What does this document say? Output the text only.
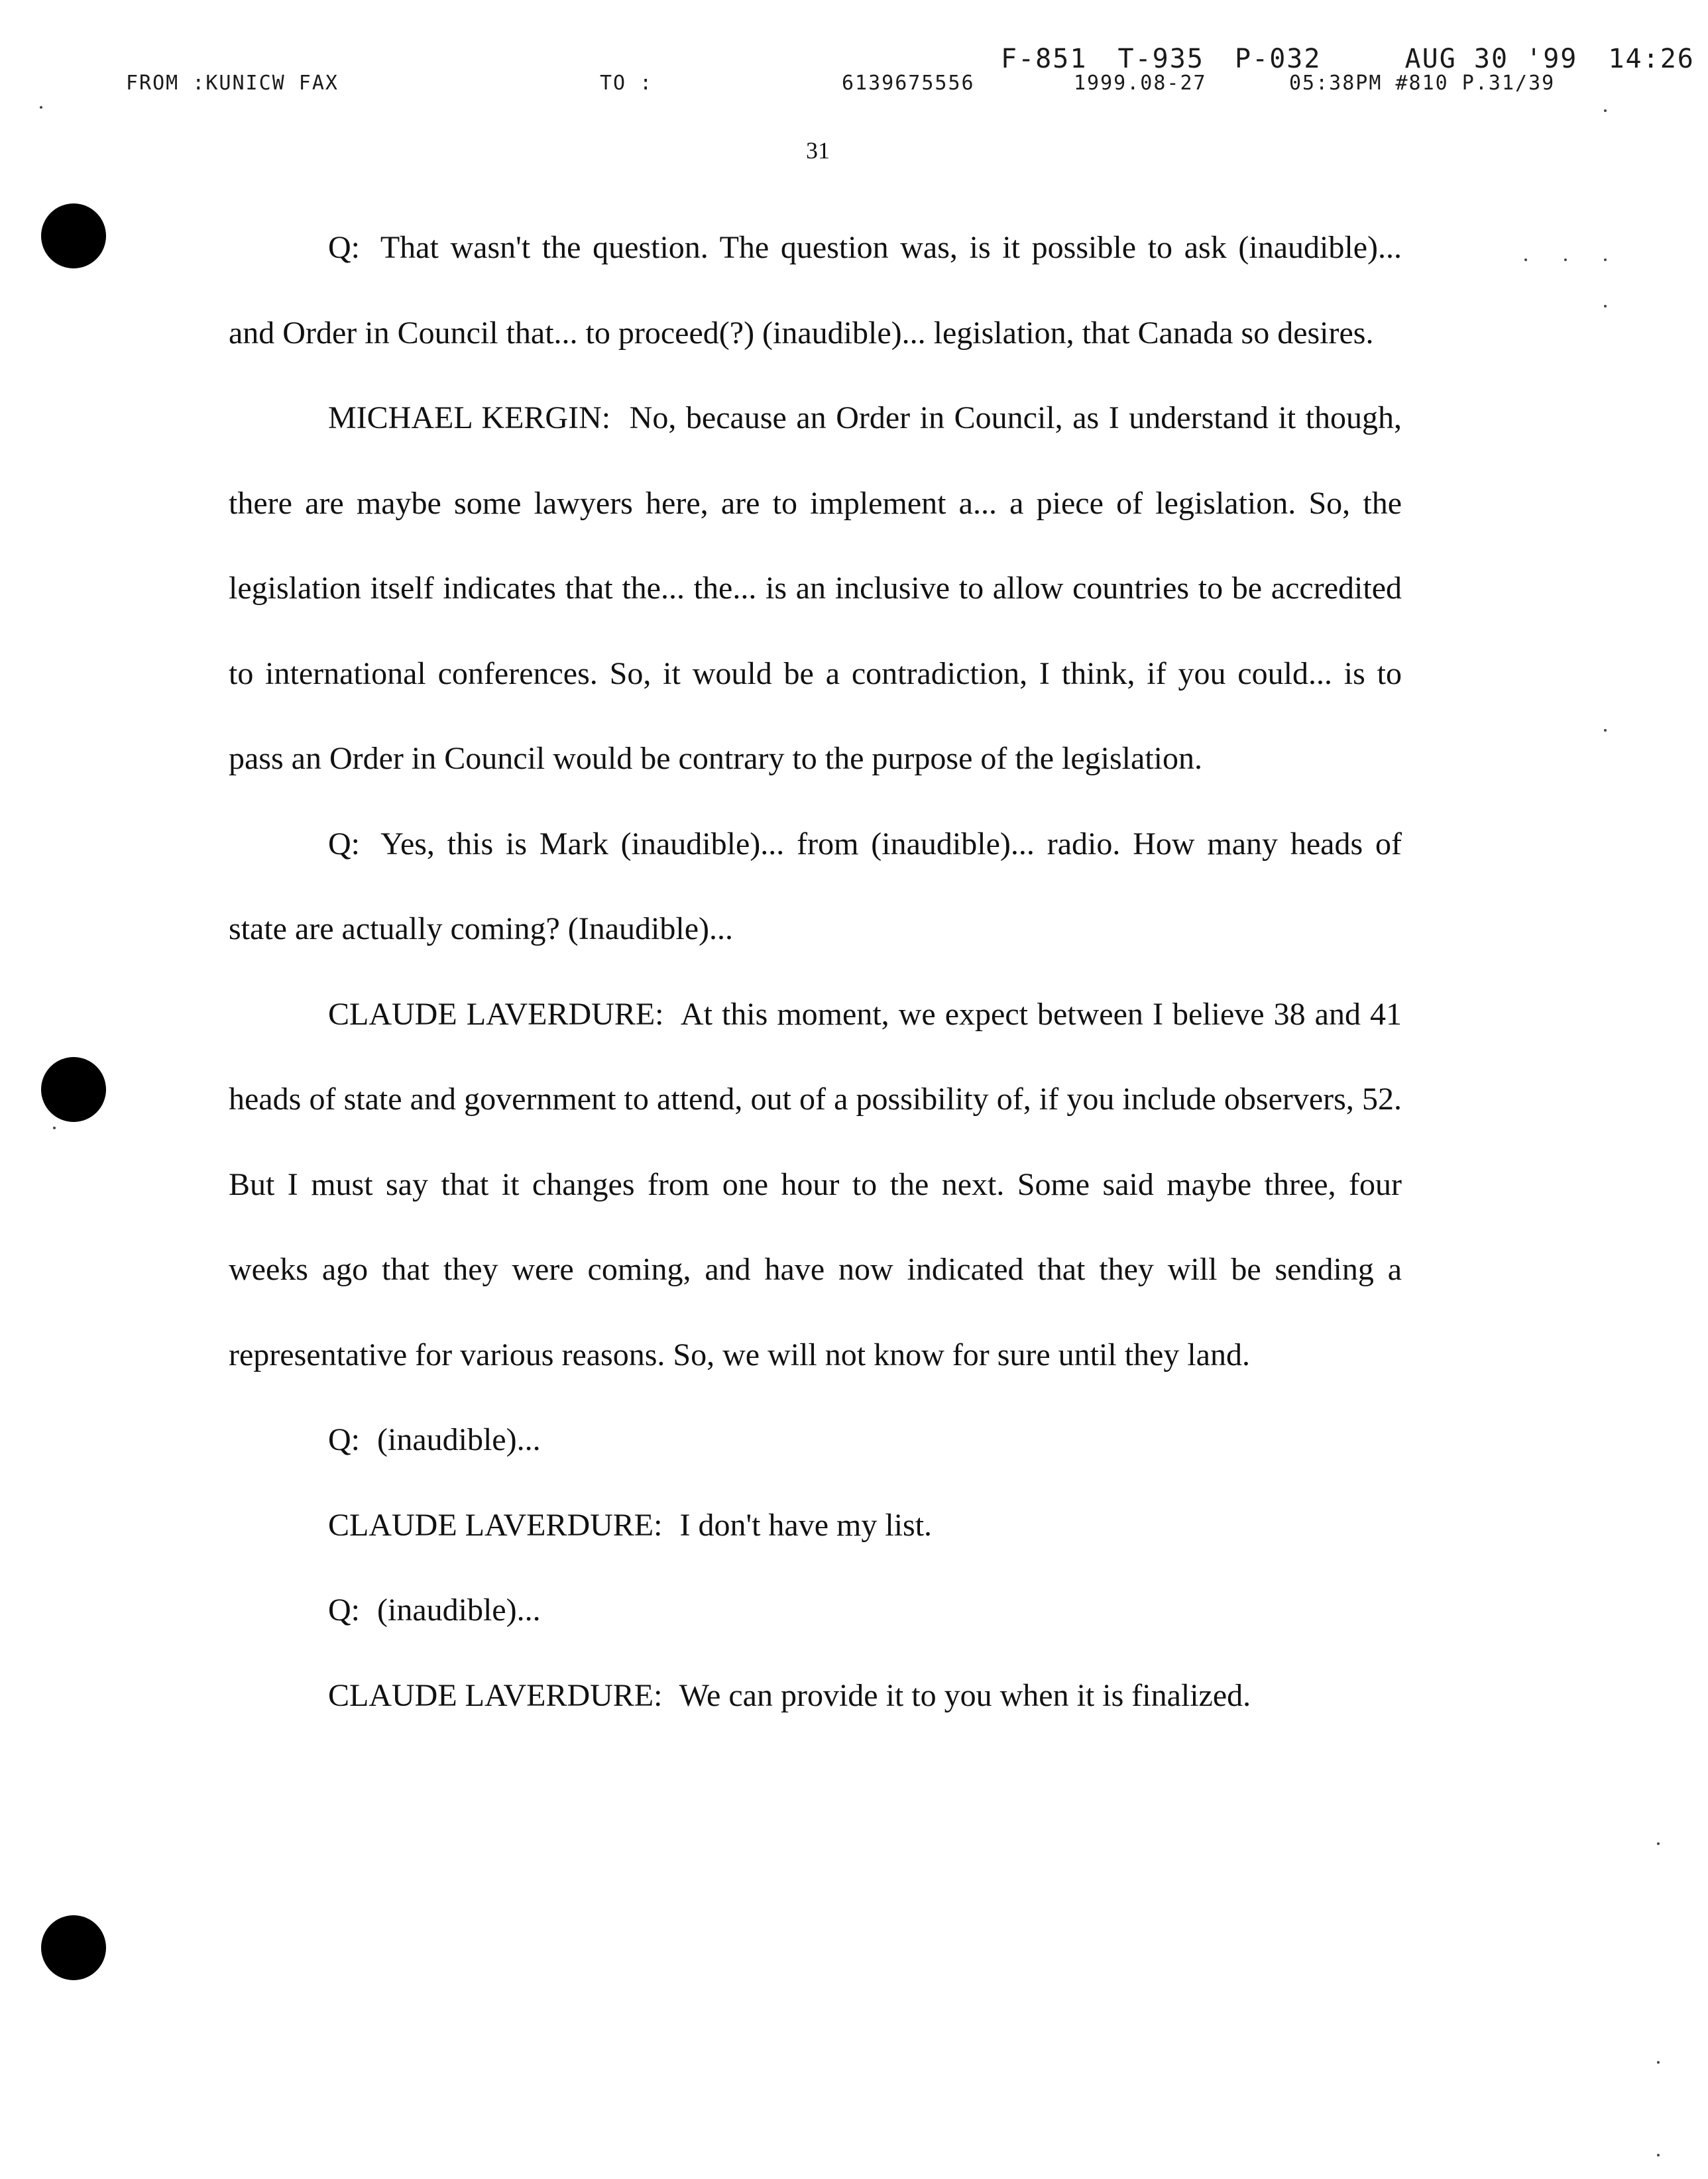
F-851 T-935 P-032	AUG 30 '99 14:26
FROM :KUNICW FAX	TO :	6139675556	1999.08-27	05:38PM #810 P.31/39
31

Q: That wasn't the question. The question was, is it possible to ask (inaudible)... and Order in Council that... to proceed(?) (inaudible)... legislation, that Canada so desires.

MICHAEL KERGIN: No, because an Order in Council, as I understand it though, there are maybe some lawyers here, are to implement a... a piece of legislation. So, the legislation itself indicates that the... the... is an inclusive to allow countries to be accredited to international conferences. So, it would be a contradiction, I think, if you could... is to pass an Order in Council would be contrary to the purpose of the legislation.

Q: Yes, this is Mark (inaudible)... from (inaudible)... radio. How many heads of state are actually coming? (Inaudible)...

CLAUDE LAVERDURE: At this moment, we expect between I believe 38 and 41 heads of state and government to attend, out of a possibility of, if you include observers, 52. But I must say that it changes from one hour to the next. Some said maybe three, four weeks ago that they were coming, and have now indicated that they will be sending a representative for various reasons. So, we will not know for sure until they land.

Q: (inaudible)...

CLAUDE LAVERDURE: I don't have my list.

Q: (inaudible)...

CLAUDE LAVERDURE: We can provide it to you when it is finalized.
